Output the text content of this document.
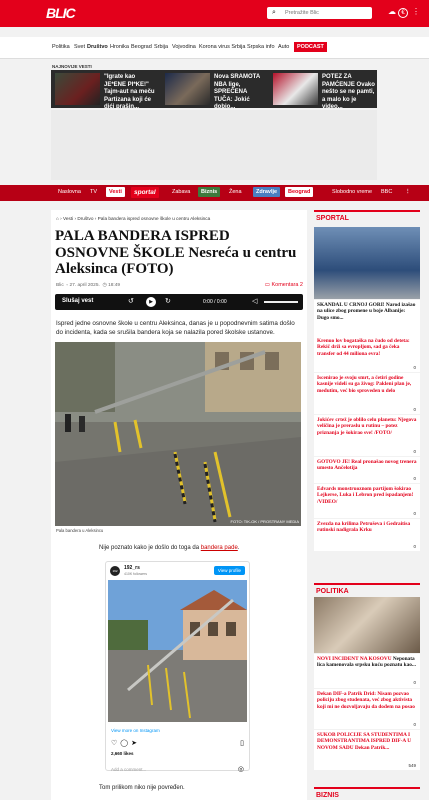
BLIC	⌕ Pretražite Blic	☁ € ⋮
Politika Svet Društvo Hronika Beograd Srbija Vojvodina Korona virus Srbija Srpska info Auto	PODCAST
NAJNOVIJE VESTI
"Igrate kao JE*ENE PI*KE!" Tajm-aut na meču Partizana koji će dići prašin...
Nova SRAMOTA NBA lige, SPREČENA TUČA: Jokić dobio...
POTEZ ZA PAMĆENJE Ovako nešto se ne pamti, a malo ko je video...
Naslovna TV	Vesti	sportal	Zabava	Biznis	Žena	Zdravlje	Beograd	Slobodno vreme BBC ⋮
⌂ › Vesti › Društvo › Pala bandera ispred osnovne škole u centru Aleksinca
PALA BANDERA ISPRED OSNOVNE ŠKOLE Nesreća u centru Aleksinca (FOTO)
Blic ▫ 27. april 2025. ◷ 18:49	▭ Komentara 2
Slušaj vest	↺	▶	↻	0:00 / 0:00	◁

Ispred jedne osnovne škole u centru Aleksinca, danas je u popodnevnim satima došlo do incidenta, kada se srušila bandera koja se nalazila pored školske ustanove.

FOTO: TIK-OK / PROSTRANY MEDIA
Pala bandera u Aleksincu

Nije poznato kako je došlo do toga da bandera pade.

192	192_rs
410K followers
View profile
View more on Instagram
♡◯➤	▯
2,660 likes
Add a comment...	◎

Tom prilikom niko nije povređen.

SPORTAL
SKANDAL U CRNOJ GORI! Narod izašao na ulice zbog promene u boje Albanije: Dugo smo...
Krenuo lov bogataška na čudo od deteta: Rekič drži sa evropljom, sad ga čeka transfer od 44 miliona evra!
0
Iscenirao je svoju smrt, a četiri godine kasnije videli su ga živog: Pakleni plan je, međutim, već bio sproveden u delo
0
Jokićev crtež je oblilo celu planetu: Njegova veličina je preraslu u rutinu – potez priznanja je šokirao sve! /FOTO/
0
GOTOVO JE! Real pronašao novog trenera umesto Ančelotija
0
Edvards monstruoznom partijom šokirao Lejkerse, Luka i Lebron pred ispadanjem! /VIDEO/
0
Zvezda na krilima Petruševa i Gedraitisa rutinski nadigrala Krku
0
POLITIKA
NOVI INCIDENT NA KOSOVU Neponata lica kamenovala srpsku kuću poznatu kao...
0
Dekan DIF-a Patrik Drid: Nisam pozvao policiju zbog studenata, već zbog aktivista koji mi ne dozvoljavaju da dođem na posao
0
SUKOB POLICIJE SA STUDENTIMA I DEMONSTRANTIMA ISPRED DIF-A U NOVOM SADU Dekan Patrik...
549
BIZNIS
